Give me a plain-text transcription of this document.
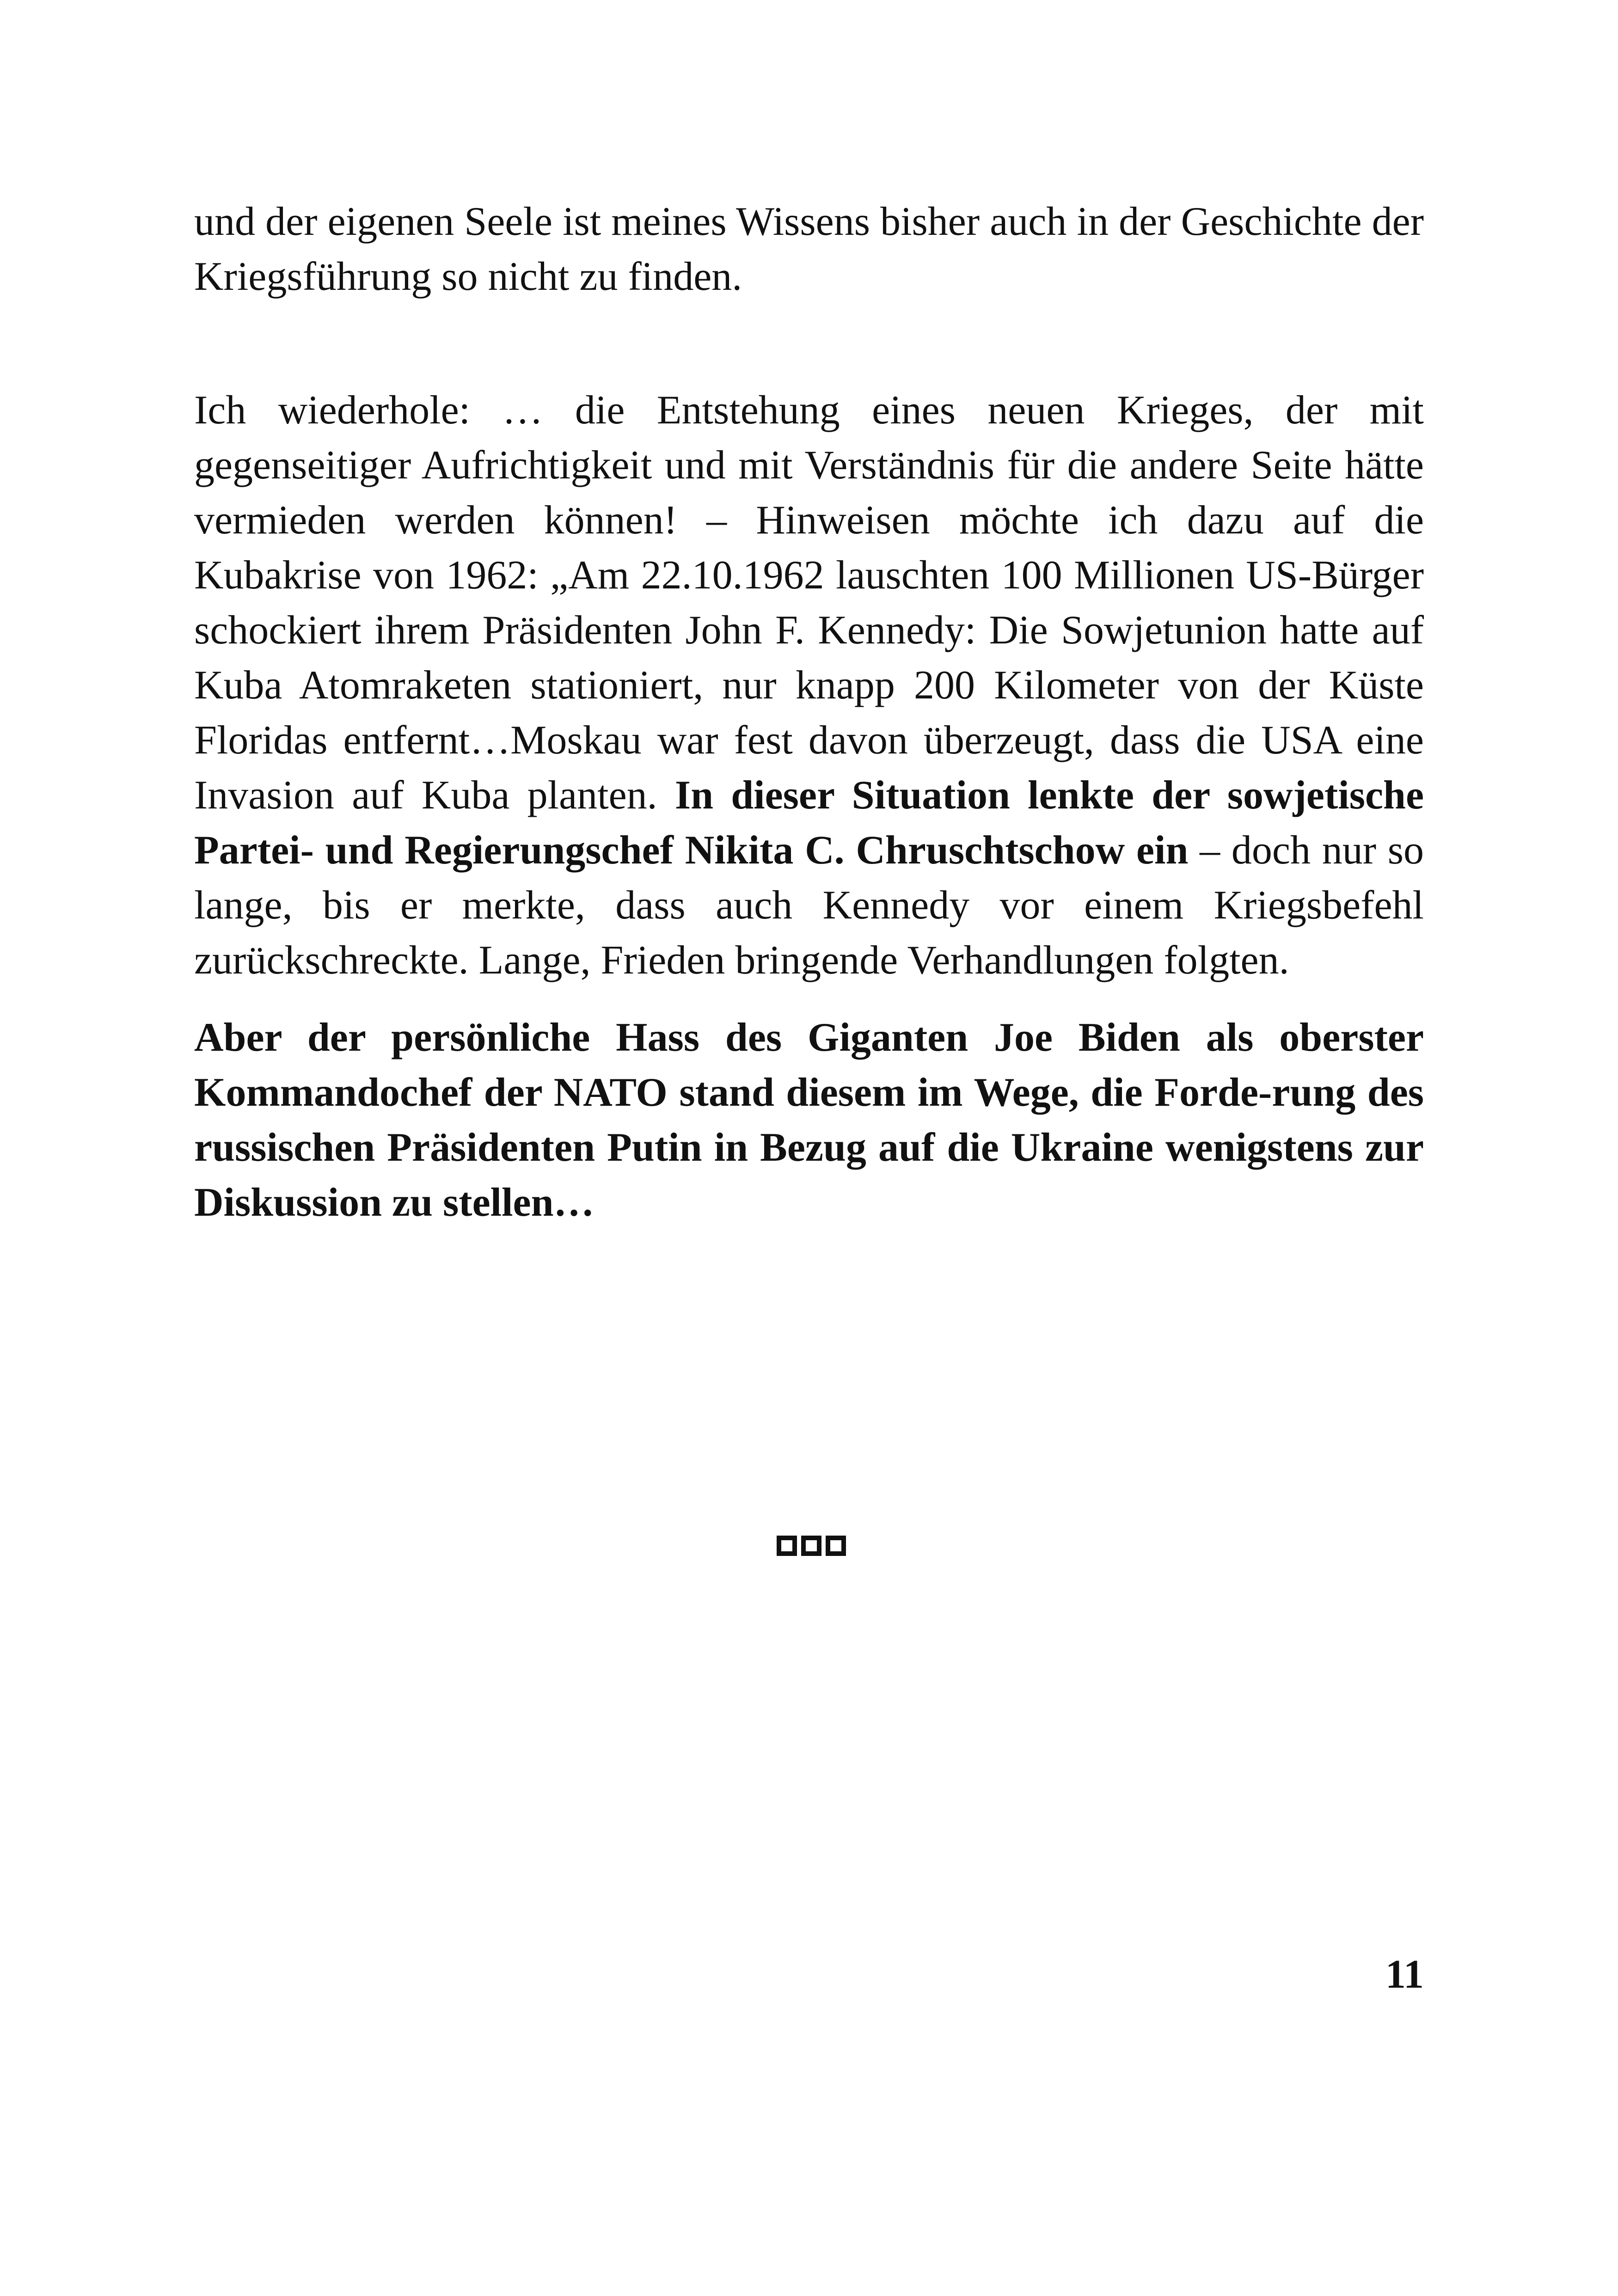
und der eigenen Seele ist meines Wissens bisher auch in der Geschichte der Kriegsführung so nicht zu finden.

Ich wiederhole: … die Entstehung eines neuen Krieges, der mit gegenseitiger Aufrichtigkeit und mit Verständnis für die andere Seite hätte vermieden werden können! – Hinweisen möchte ich dazu auf die Kubakrise von 1962: „Am 22.10.1962 lauschten 100 Millionen US-Bürger schockiert ihrem Präsidenten John F. Kennedy: Die Sowjetunion hatte auf Kuba Atomraketen stationiert, nur knapp 200 Kilometer von der Küste Floridas entfernt…Moskau war fest davon überzeugt, dass die USA eine Invasion auf Kuba planten. In dieser Situation lenkte der sowjetische Partei- und Regierungschef Nikita C. Chruschtschow ein – doch nur so lange, bis er merkte, dass auch Kennedy vor einem Kriegsbefehl zurückschreckte. Lange, Frieden bringende Verhandlungen folgten.

Aber der persönliche Hass des Giganten Joe Biden als oberster Kommandochef der NATO stand diesem im Wege, die Forde-rung des russischen Präsidenten Putin in Bezug auf die Ukraine wenigstens zur Diskussion zu stellen…

11
